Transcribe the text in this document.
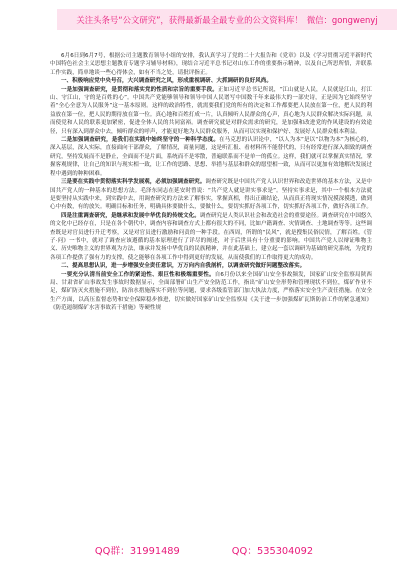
关注头条号“公文研究”，获得最新最全最专业的公文资料库！ 微信：gongwenyj

6月6日到6月7号，根据公司主题教育领导小组的安排，我认真学习了党的二十大报告和《党章》以及《学习贯彻习近平新时代中国特色社会主义思想主题教育专题学习辅导材料》，现结合习近平总书记对山东工作的重要指示精神，以及自己所思所悟，并联系工作实践，简单地谈一些心得体会，如有不当之处，请批评指正。

一、积极响应党中央号召，大兴调查研究之风，形成重视调研、大抓调研的良好风尚。

一是加强调查研究，是贯彻和落实党的性质和宗旨的重要手段。正如习近平总书记所说，“江山就是人民，人民就是江山，打江山、守江山，守的是百姓的心”。中国共产党能够领导和领导中国人民谱写中国数千年来最伟大的一部史诗，正是因为它始终坚守着“全心全意为人民服务”这一基本原则。这样的政治特性，就需要我们党的所有的决定和工作都要把人民放在第一位，把人民的利益放在第一位，把人民的期待放在第一位。真心地和百姓打成一片，认真倾听人民群众的心声，真心地为人民群众解决实际问题，从而使党和人民的联系更加紧密，促进全体人民的共同富裕。调查研究就是对群众需求的研究，是加强和改进党的作风建设的有效途径，只有深入到群众中去，倾听群众的呼声，才能更好地为人民群众服务，从而可以实现和保护好、发展好人民群众根本利益。

二是加强调查研究，是我们在实践中始终坚守的一种科学态度。在马克思的认识论中，“以人为本”是以“以物为本”为核心的，深入基层，深入实际，直接面向干部群众，了解情况，商量问题，这是听汇报、看材料所不能替代的，只有经常进行深入细致的调查研究，坚持发展而不是静止，全面而不是片面，系统而不是零散，普遍联系而不是单一的孤立。这样，我们就可以掌握真实情况，掌握客观规律，让自己的知识与现实相一致，让工作的思路、思想、举措与基层和群众的愿望相一致，从而可以更加有效地解决发展过程中遇到的种种困难。

三是要在实践中贯彻落实科学发展观，必须加强调查研究。调查研究既是中国共产党人认识世界和改造世界的基本方法，又是中国共产党人的一种基本的思想方法。毛泽东同志在延安时曾说：“共产党人就是讲实事求是”。坚持实事求是，其中一个根本方法就是要坚持从实践中来，到实践中去，用调查研究的方法来了解事实，掌握真相，得出正确结论，从而真正将现实情况摸深摸透，做到心中有数，有的放矢。明确目标和任务，明确具体要做什么，要做什么，要切实抓好各项工作，切实抓好各项工作，做好各项工作。

四是注重调查研究，是继承和发展中华优良的传统文化。调查研究是人类认识社会和改造社会的重要途径。调查研究在中国悠久的文化中已经存在，只是在各个朝代中，调查内容和调查方式上都有很大的不同，比如户籍调查、灾情调查、土地调查等等。这些调查既是对官员进行升迁考察，又是对官员进行激励和问责的一种手段。在西周，所谓的“民风”，就是搜集民俗民情，了解百姓。《管子·问》一书中，就对了调查应该遵循的基本原理进行了详尽的阐述，对于后世具有十分重要的影响。中国共产党人以辩证唯物主义、历史唯物主义的世界观为方法，继承并发扬中华优良的民族精神，并在此基础上，建立起一套以调研为基础的研究系统，为党的各项工作提供了强有力的支撑，使之能够在各项工作中得到更好的发展，从而使我们的工作取得更大的成功。

二、提高思想认识，进一步增强安全责任意识，万万向内自我剖析，以调查研究做好问题整改落实。

一要充分认清当前安全工作的紧迫性、艰巨性和极端重要性。自6月份以来全国矿山安全事故频发，国家矿山安全监察局陕西局、甘肃省矿山事故发生事故时数据显示，全面部署矿山生产安全防范工作，指出“矿山安全形势和管理现状不到位，煤矿作业不足，煤矿防灭火措施不到位，防治水措施落实不到位等问题，要求各级监管部门加大执法力度，严格落实安全生产责任措施。在安全生产方面，以高压监督态势和安全保障稳步推进，切实做好国家矿山安全监察局《关于进一步加强煤矿瓦斯防治工作的紧急通知》《防范遏制煤矿水害事故若干措施》等硬性规

QQ群：31991489	QQ：535304092
